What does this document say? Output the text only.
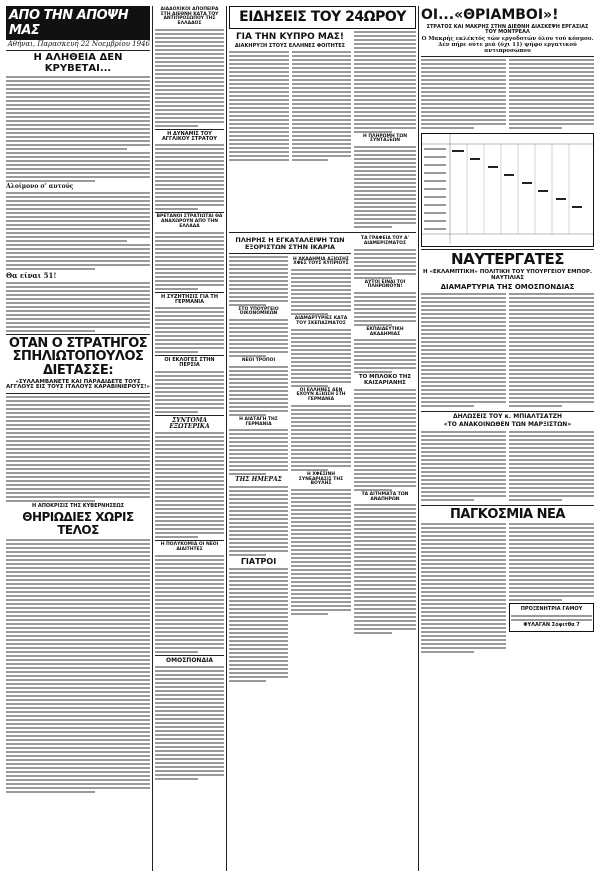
ΑΠΟ ΤΗΝ ΑΠΟΨΗ ΜΑΣ
Αθήναι, Παρασκευή 22 Νοεμβρίου 1946
Η ΑΛΗΘΕΙΑ ΔΕΝ ΚΡΥΒΕΤΑΙ...
Αλοίμονο σ' αυτούς
Θα είναι 51!
ΟΤΑΝ Ο ΣΤΡΑΤΗΓΟΣ ΣΠΗΛΙΩΤΟΠΟΥΛΟΣ ΔΙΕΤΑΣΣΕ:
«ΣΥΛΛΑΜΒΑΝΕΤΕ ΚΑΙ ΠΑΡΑΔΙΔΕΤΕ ΤΟΥΣ ΑΓΓΛΟΥΣ ΕΙΣ ΤΟΥΣ ΙΤΑΛΟΥΣ ΚΑΡΑΒΙΝΙΕΡΟΥΣ!»
Η ΑΠΟΚΡΙΣΙΣ ΤΗΣ ΚΥΒΕΡΝΗΣΕΩΣ
ΘΗΡΙΩΔΙΕΣ ΧΩΡΙΣ ΤΕΛΟΣ
ΔΙΑΔΟΧΙΚΟΙ ΑΠΟΠΕΙΡΑ ΣΤΗ ΔΙΕΘΝΗ ΚΑΤΑ ΤΟΥ ΑΝΤΙΠΡΟΣΩΠΟΥ ΤΗΣ ΕΛΛΑΔΟΣ
Η ΔΥΝΑΜΙΣ ΤΟΥ ΑΓΓΛΙΚΟΥ ΣΤΡΑΤΟΥ
ΒΡΕΤΑΝΟΙ ΣΤΡΑΤΙΩΤΑΙ ΘΑ ΑΝΑΧΩΡΟΥΝ ΑΠΟ ΤΗΝ ΕΛΛΑΔΑ
Η ΣΥΖΗΤΗΣΙΣ ΓΙΑ ΤΗ ΓΕΡΜΑΝΙΑ
ΟΙ ΕΚΛΟΓΕΣ ΣΤΗΝ ΠΕΡΣΙΑ
ΣΥΝΤΟΜΑ ΕΞΩΤΕΡΙΚΑ
Η ΠΟΛΥΚΟΜΙΑ ΟΙ ΝΕΟΙ ΔΙΑΙΤΗΤΕΣ
ΟΜΟΣΠΟΝΔΙΑ
ΕΙΔΗΣΕΙΣ ΤΟΥ 24ΩΡΟΥ
ΓΙΑ ΤΗΝ ΚΥΠΡΟ ΜΑΣ!
ΔΙΑΚΗΡΥΞΗ ΣΤΟΥΣ ΕΛΛΗΝΕΣ ΦΟΙΤΗΤΕΣ
Η ΠΛΗΡΩΜΗ ΤΩΝ ΣΥΝΤΑΞΕΩΝ
ΠΛΗΡΗΣ Η ΕΓΚΑΤΑΛΕΙΨΗ ΤΩΝ ΕΞΟΡΙΣΤΩΝ ΣΤΗΝ ΙΚΑΡΙΑ
ΣΤΟ ΥΠΟΥΡΓΕΙΟ ΟΙΚΟΝΟΜΙΚΩΝ
ΝΕΟΙ ΤΡΟΠΟΙ
Η ΔΙΑΤΑΓΗ ΤΗΣ ΓΕΡΜΑΝΙΑ
ΤΗΣ ΗΜΕΡΑΣ
ΓΙΑΤΡΟΙ
Η ΑΚΑΔΗΜΙΑ ΑΞΙΩΣΗΣ ΧΦΕΣ ΤΟΥΣ ΚΥΠΡΙΟΥΣ
ΔΙΑΜΑΡΤΥΡΙΕΣ ΚΑΤΑ ΤΟΥ ΣΚΕΠΑΣΜΑΤΟΣ
ΟΙ ΕΛΛΗΝΕΣ ΔΕΝ ΕΧΟΥΝ ΑΞΙΩΣΗ ΣΤΗ ΓΕΡΜΑΝΙΑ
Η ΧΦΕΣΙΝΗ ΣΥΝΕΔΡΙΑΣΙΣ ΤΗΣ ΒΟΥΛΗΣ
ΤΑ ΓΡΑΦΕΙΑ ΤΟΥ Α' ΔΙΑΜΕΡΙΣΜΑΤΟΣ
ΑΥΤΟΙ ΕΙΝΑΙ ΤΟΙ ΠΛΗΡΩΝΟΥΝ!
ΕΚΠΑΙΔΕΥΤΙΚΗ ΑΚΑΔΗΜΙΑΣ
ΤΟ ΜΠΛΟΚΟ ΤΗΣ ΚΑΙΣΑΡΙΑΝΗΣ
ΤΑ ΑΙΤΗΜΑΤΑ ΤΩΝ ΑΝΑΠΗΡΩΝ
ΟΙ...«ΘΡΙΑΜΒΟΙ»!
ΣΤΡΑΤΟΣ ΚΑΙ ΜΑΚΡΗΣ ΣΤΗΝ ΔΙΕΘΝΗ ΔΙΑΣΚΕΨΗ ΕΡΓΑΣΙΑΣ ΤΟΥ ΜΟΝΤΡΕΑΛ
Ο Μακρής εκλέκτός τών εργοδοτών όλου τού κόσμου. Δέν πήρε ούτε μιά (όχι 11) ψήφο εργατικού αντιπροσώπου
ΝΑΥΤΕΡΓΑΤΕΣ
Η «ΕΚΛΑΜΠΤΙΚΗ» ΠΟΛΙΤΙΚΗ ΤΟΥ ΥΠΟΥΡΓΕΙΟΥ ΕΜΠΟΡ. ΝΑΥΤΙΛΙΑΣ
ΔΙΑΜΑΡΤΥΡΙΑ ΤΗΣ ΟΜΟΣΠΟΝΔΙΑΣ
ΔΗΛΩΣΕΙΣ ΤΟΥ κ. ΜΠΙΑΛΤΣΑΤΖΗ
«ΤΟ ΑΝΑΚΟΙΝΩΘΕΝ ΤΩΝ ΜΑΡΞΙΣΤΩΝ»
ΠΑΓΚΟΣΜΙΑ ΝΕΑ
ΠΡΟΞΕΝΗΤΡΙΑ ΓΑΜΟΥ
ΦΥΛΑΓΑΝ Σόφιτθα 7
